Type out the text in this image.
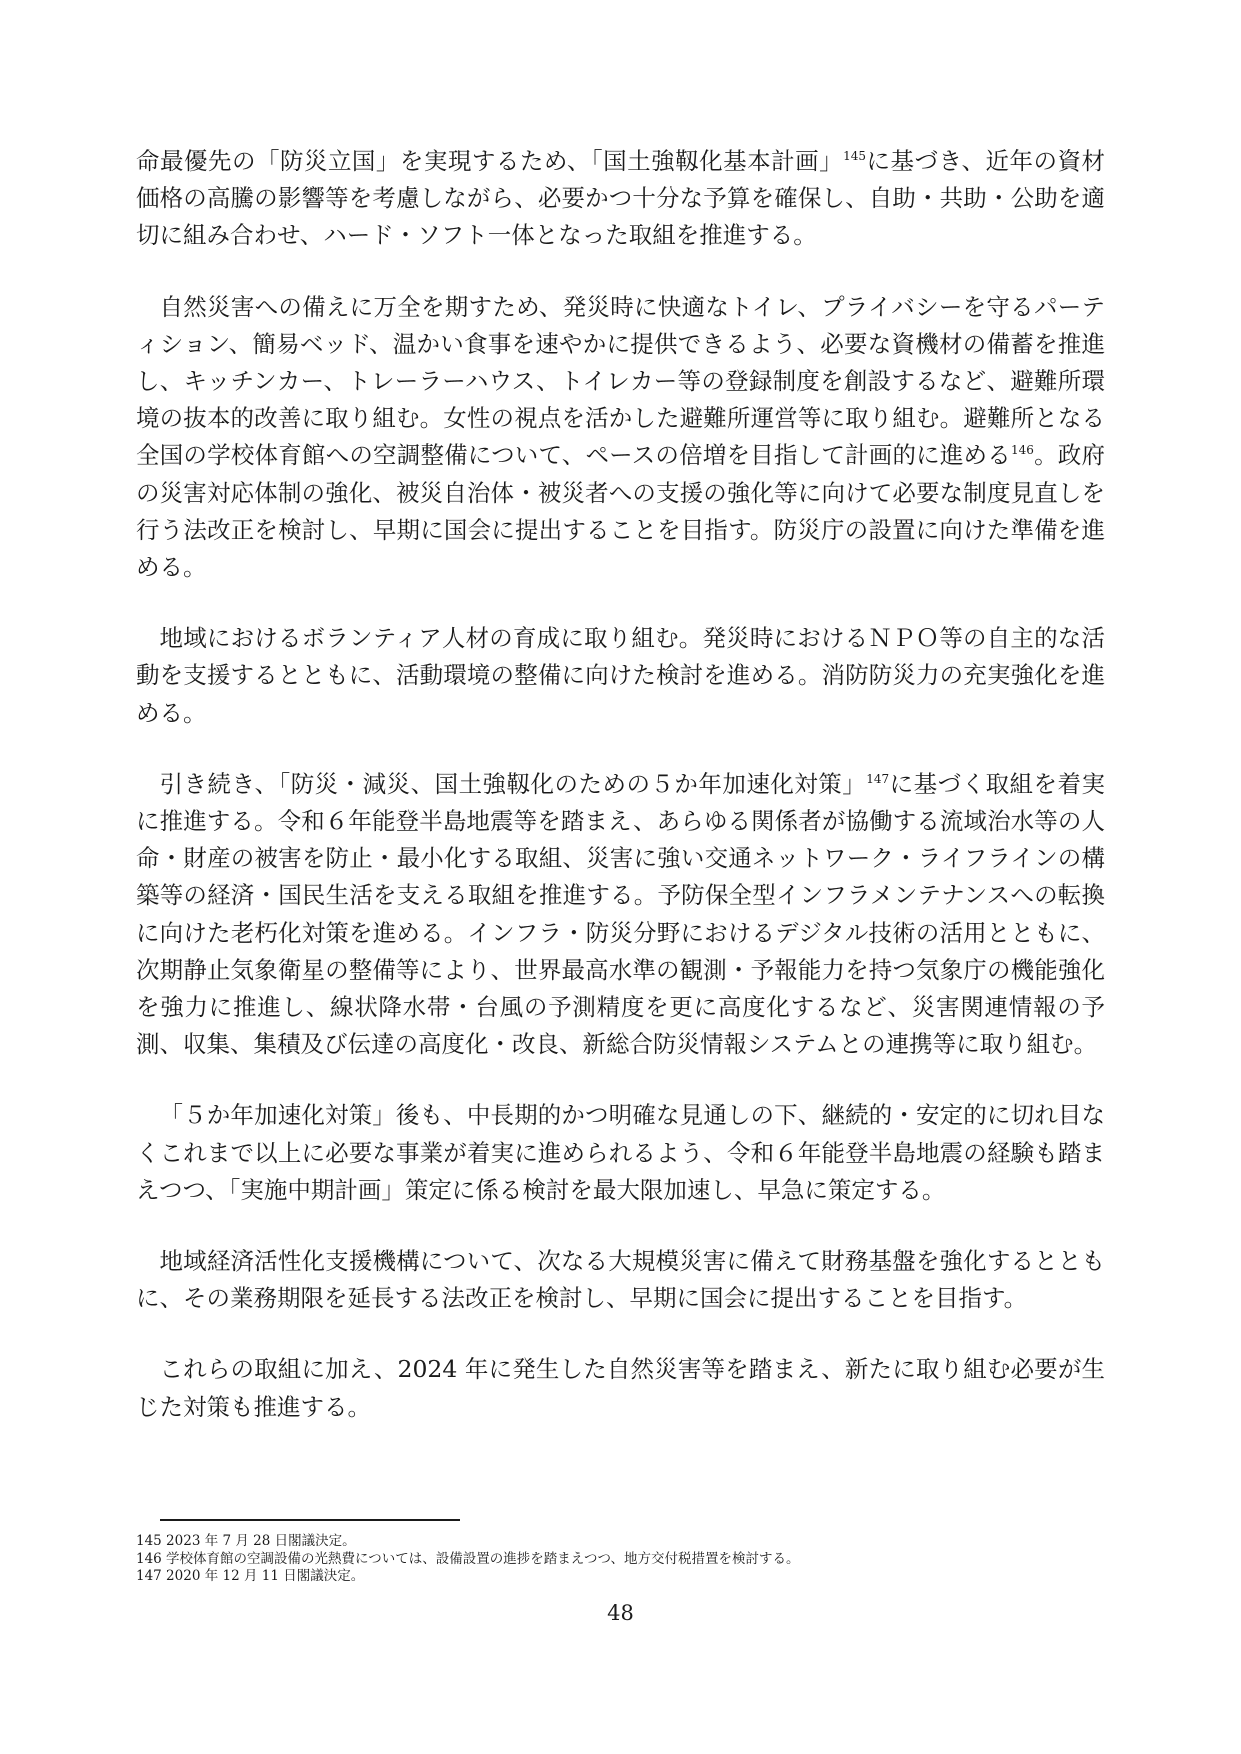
命最優先の「防災立国」を実現するため、「国土強靱化基本計画」$^{145}$に基づき、近年の資材価格の高騰の影響等を考慮しながら、必要かつ十分な予算を確保し、自助・共助・公助を適切に組み合わせ、ハード・ソフト一体となった取組を推進する。

自然災害への備えに万全を期すため、発災時に快適なトイレ、プライバシーを守るパーティション、簡易ベッド、温かい食事を速やかに提供できるよう、必要な資機材の備蓄を推進し、キッチンカー、トレーラーハウス、トイレカー等の登録制度を創設するなど、避難所環境の抜本的改善に取り組む。女性の視点を活かした避難所運営等に取り組む。避難所となる全国の学校体育館への空調整備について、ペースの倍増を目指して計画的に進める$^{146}$。政府の災害対応体制の強化、被災自治体・被災者への支援の強化等に向けて必要な制度見直しを行う法改正を検討し、早期に国会に提出することを目指す。防災庁の設置に向けた準備を進める。

地域におけるボランティア人材の育成に取り組む。発災時におけるＮＰＯ等の自主的な活動を支援するとともに、活動環境の整備に向けた検討を進める。消防防災力の充実強化を進める。

引き続き、「防災・減災、国土強靱化のための５か年加速化対策」$^{147}$に基づく取組を着実に推進する。令和６年能登半島地震等を踏まえ、あらゆる関係者が協働する流域治水等の人命・財産の被害を防止・最小化する取組、災害に強い交通ネットワーク・ライフラインの構築等の経済・国民生活を支える取組を推進する。予防保全型インフラメンテナンスへの転換に向けた老朽化対策を進める。インフラ・防災分野におけるデジタル技術の活用とともに、次期静止気象衛星の整備等により、世界最高水準の観測・予報能力を持つ気象庁の機能強化を強力に推進し、線状降水帯・台風の予測精度を更に高度化するなど、災害関連情報の予測、収集、集積及び伝達の高度化・改良、新総合防災情報システムとの連携等に取り組む。

「５か年加速化対策」後も、中長期的かつ明確な見通しの下、継続的・安定的に切れ目なくこれまで以上に必要な事業が着実に進められるよう、令和６年能登半島地震の経験も踏まえつつ、「実施中期計画」策定に係る検討を最大限加速し、早急に策定する。

地域経済活性化支援機構について、次なる大規模災害に備えて財務基盤を強化するとともに、その業務期限を延長する法改正を検討し、早期に国会に提出することを目指す。

これらの取組に加え、2024 年に発生した自然災害等を踏まえ、新たに取り組む必要が生じた対策も推進する。

145 2023 年 7 月 28 日閣議決定。

146 学校体育館の空調設備の光熱費については、設備設置の進捗を踏まえつつ、地方交付税措置を検討する。

147 2020 年 12 月 11 日閣議決定。

48
